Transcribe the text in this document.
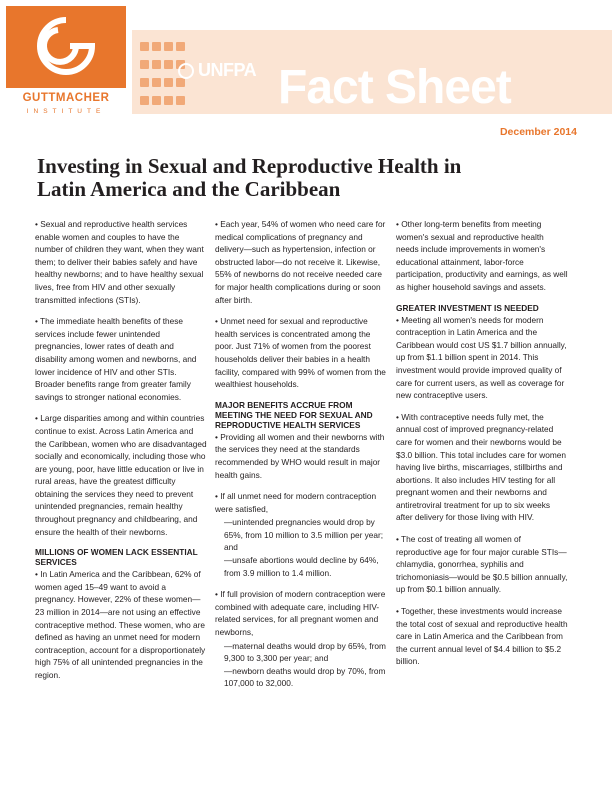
GUTTMACHER
INSTITUTE

UNFPA Fact Sheet
December 2014
Investing in Sexual and Reproductive Health in
Latin America and the Caribbean

• Sexual and reproductive health services enable women and couples to have the number of children they want, when they want them; to deliver their babies safely and have healthy newborns; and to have healthy sexual lives, free from HIV and other sexually transmitted infections (STIs).

• The immediate health benefits of these services include fewer unintended pregnancies, lower rates of death and disability among women and newborns, and lower incidence of HIV and other STIs. Broader benefits range from greater family savings to stronger national economies.

• Large disparities among and within countries continue to exist. Across Latin America and the Caribbean, women who are disadvantaged socially and economically, including those who are young, poor, have little education or live in rural areas, have the greatest difficulty obtaining the services they need to prevent unintended pregnancies, remain healthy throughout pregnancy and childbearing, and ensure the health of their newborns.

MILLIONS OF WOMEN LACK ESSENTIAL SERVICES

• In Latin America and the Caribbean, 62% of women aged 15–49 want to avoid a pregnancy. However, 22% of these women—23 million in 2014—are not using an effective contraceptive method. These women, who are defined as having an unmet need for modern contraception, account for a disproportionately high 75% of all unintended pregnancies in the region.

• Each year, 54% of women who need care for medical complications of pregnancy and delivery—such as hypertension, infection or obstructed labor—do not receive it. Likewise, 55% of newborns do not receive needed care for major health complications during or soon after birth.

• Unmet need for sexual and reproductive health services is concentrated among the poor. Just 71% of women from the poorest households deliver their babies in a health facility, compared with 99% of women from the wealthiest households.

MAJOR BENEFITS ACCRUE FROM MEETING THE NEED FOR SEXUAL AND REPRODUCTIVE HEALTH SERVICES

• Providing all women and their newborns with the services they need at the standards recommended by WHO would result in major health gains.

• If all unmet need for modern contraception were satisfied,

—unintended pregnancies would drop by 65%, from 10 million to 3.5 million per year; and

—unsafe abortions would decline by 64%, from 3.9 million to 1.4 million.

• If full provision of modern contraception were combined with adequate care, including HIV-related services, for all pregnant women and newborns,

—maternal deaths would drop by 65%, from 9,300 to 3,300 per year; and

—newborn deaths would drop by 70%, from 107,000 to 32,000.

• Other long-term benefits from meeting women's sexual and reproductive health needs include improvements in women's educational attainment, labor-force participation, productivity and earnings, as well as higher household savings and assets.

GREATER INVESTMENT IS NEEDED

• Meeting all women's needs for modern contraception in Latin America and the Caribbean would cost US $1.7 billion annually, up from $1.1 billion spent in 2014. This investment would provide improved quality of care for current users, as well as coverage for new contraceptive users.

• With contraceptive needs fully met, the annual cost of improved pregnancy-related care for women and their newborns would be $3.0 billion. This total includes care for women having live births, miscarriages, stillbirths and abortions. It also includes HIV testing for all pregnant women and their newborns and antiretroviral treatment for up to six weeks after delivery for those living with HIV.

• The cost of treating all women of reproductive age for four major curable STIs—chlamydia, gonorrhea, syphilis and trichomoniasis—would be $0.5 billion annually, up from $0.1 billion annually.

• Together, these investments would increase the total cost of sexual and reproductive health care in Latin America and the Caribbean from the current annual level of $4.4 billion to $5.2 billion.
